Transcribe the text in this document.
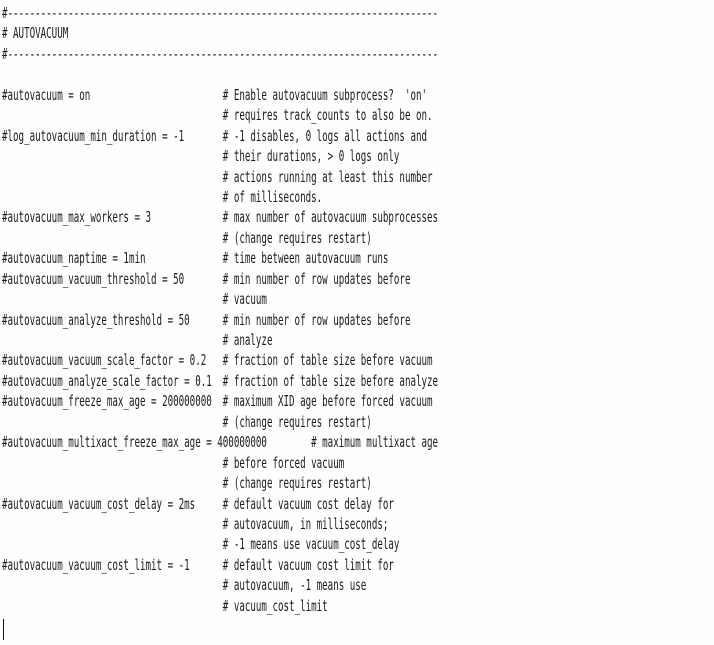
#------------------------------------------------------------------------------
# AUTOVACUUM
#------------------------------------------------------------------------------
#autovacuum = on                        # Enable autovacuum subprocess?  'on'
# requires track_counts to also be on.
#log_autovacuum_min_duration = -1       # -1 disables, 0 logs all actions and
# their durations, > 0 logs only
# actions running at least this number
# of milliseconds.
#autovacuum_max_workers = 3             # max number of autovacuum subprocesses
# (change requires restart)
#autovacuum_naptime = 1min              # time between autovacuum runs
#autovacuum_vacuum_threshold = 50       # min number of row updates before
# vacuum
#autovacuum_analyze_threshold = 50      # min number of row updates before
# analyze
#autovacuum_vacuum_scale_factor = 0.2   # fraction of table size before vacuum
#autovacuum_analyze_scale_factor = 0.1  # fraction of table size before analyze
#autovacuum_freeze_max_age = 200000000  # maximum XID age before forced vacuum
# (change requires restart)
#autovacuum_multixact_freeze_max_age = 400000000        # maximum multixact age
# before forced vacuum
# (change requires restart)
#autovacuum_vacuum_cost_delay = 2ms     # default vacuum cost delay for
# autovacuum, in milliseconds;
# -1 means use vacuum_cost_delay
#autovacuum_vacuum_cost_limit = -1      # default vacuum cost limit for
# autovacuum, -1 means use
# vacuum_cost_limit
